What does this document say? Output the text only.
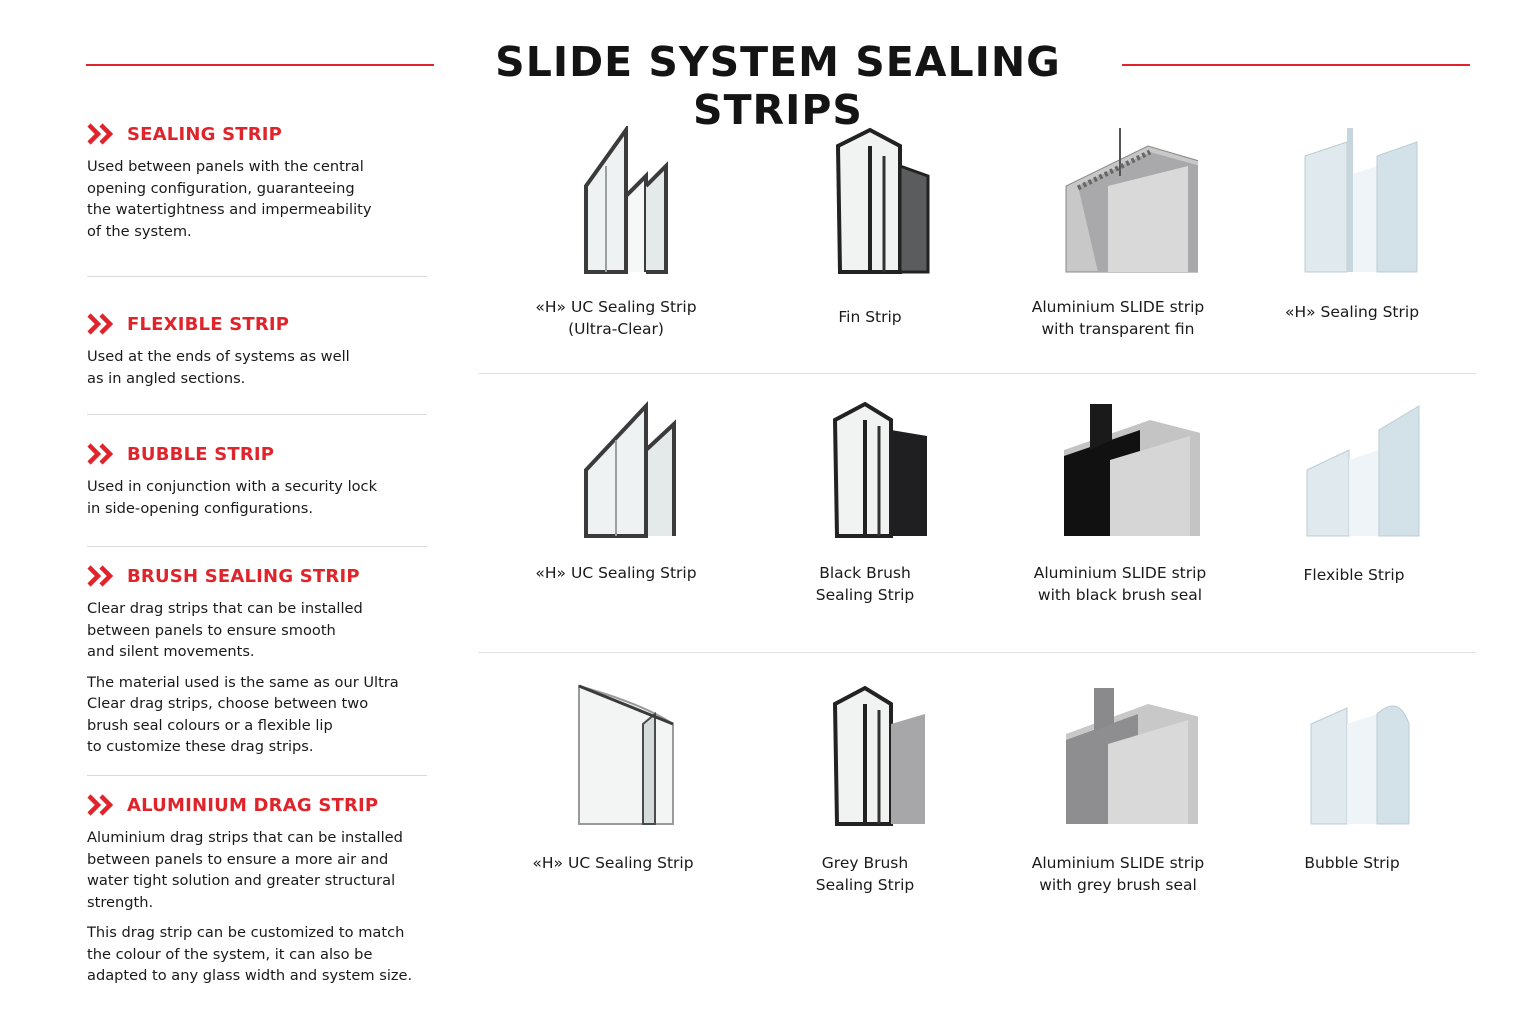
SLIDE SYSTEM SEALING STRIPS
SEALING STRIP

Used between panels with the central
opening configuration, guaranteeing
the watertightness and impermeability
of the system.

FLEXIBLE STRIP

Used at the ends of systems as well
as in angled sections.

BUBBLE STRIP

Used in conjunction with a security lock
in side-opening configurations.

BRUSH SEALING STRIP

Clear drag strips that can be installed
between panels to ensure smooth
and silent movements.

The material used is the same as our Ultra
Clear drag strips, choose between two
brush seal colours or a flexible lip
to customize these drag strips.

ALUMINIUM DRAG STRIP

Aluminium drag strips that can be installed
between panels to ensure a more air and
water tight solution and greater structural
strength.

This drag strip can be customized to match
the colour of the system, it can also be
adapted to any glass width and system size.

«H» UC Sealing Strip
(Ultra-Clear)
Fin Strip
Aluminium SLIDE strip
with transparent fin
«H» Sealing Strip
«H» UC Sealing Strip	Black Brush
Sealing Strip
Aluminium SLIDE strip
with black brush seal
Flexible Strip
«H» UC Sealing Strip	Grey Brush
Sealing Strip
Aluminium SLIDE strip
with grey brush seal
Bubble Strip
